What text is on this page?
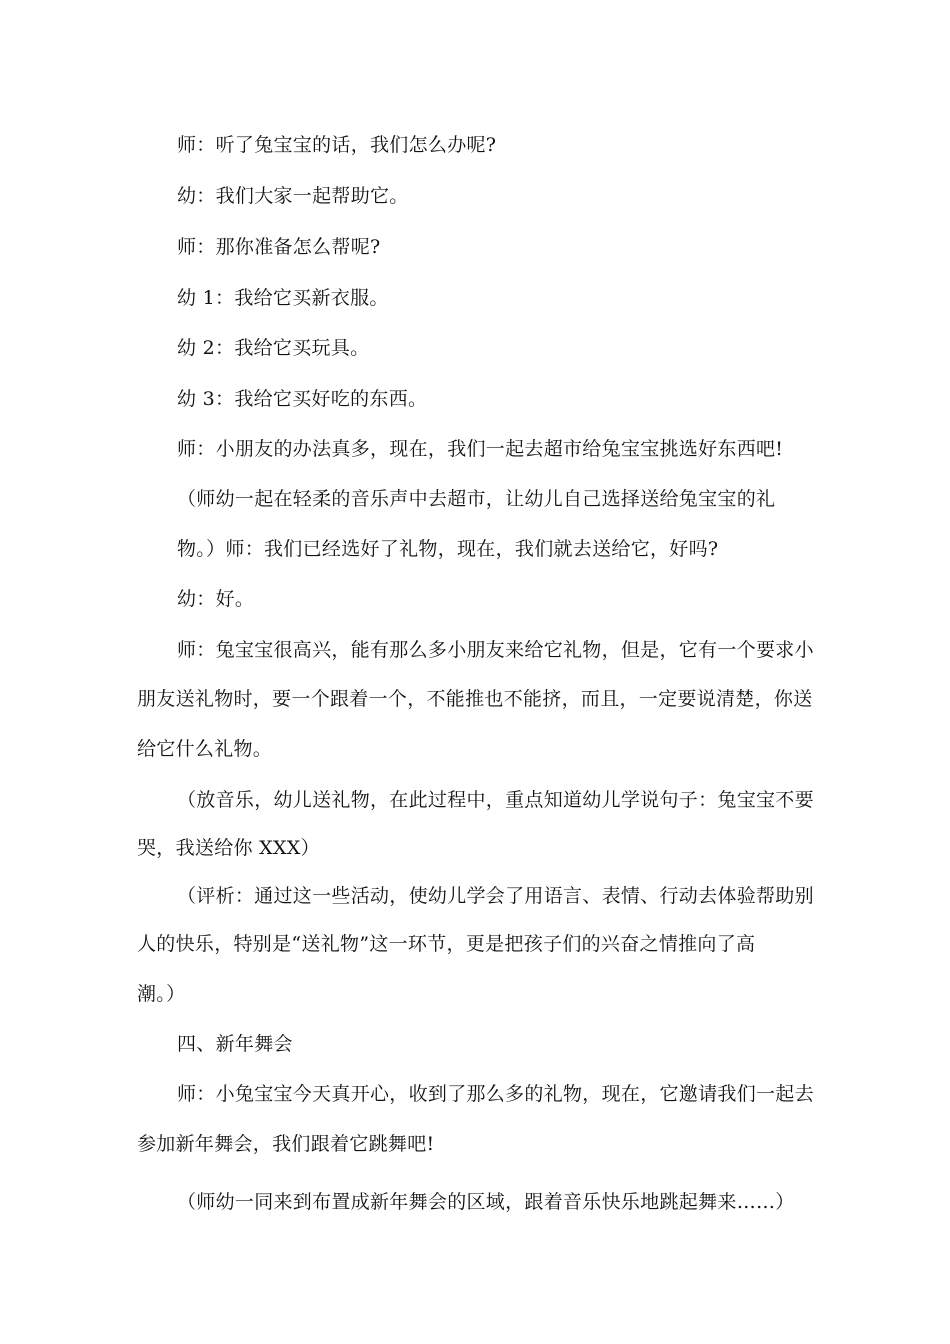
师：听了兔宝宝的话，我们怎么办呢?
幼：我们大家一起帮助它。
师：那你准备怎么帮呢?
幼 1：我给它买新衣服。
幼 2：我给它买玩具。
幼 3：我给它买好吃的东西。
师：小朋友的办法真多，现在，我们一起去超市给兔宝宝挑选好东西吧!
（师幼一起在轻柔的音乐声中去超市，让幼儿自己选择送给兔宝宝的礼
物。）师：我们已经选好了礼物，现在，我们就去送给它，好吗?
幼：好。
师：兔宝宝很高兴，能有那么多小朋友来给它礼物，但是，它有一个要求小
朋友送礼物时，要一个跟着一个，不能推也不能挤，而且，一定要说清楚，你送
给它什么礼物。
（放音乐，幼儿送礼物，在此过程中，重点知道幼儿学说句子：兔宝宝不要
哭，我送给你 XXX）
（评析：通过这一些活动，使幼儿学会了用语言、表情、行动去体验帮助别
人的快乐，特别是“送礼物”这一环节，更是把孩子们的兴奋之情推向了高
潮。）
四、新年舞会
师：小兔宝宝今天真开心，收到了那么多的礼物，现在，它邀请我们一起去
参加新年舞会，我们跟着它跳舞吧!
（师幼一同来到布置成新年舞会的区域，跟着音乐快乐地跳起舞来……）
